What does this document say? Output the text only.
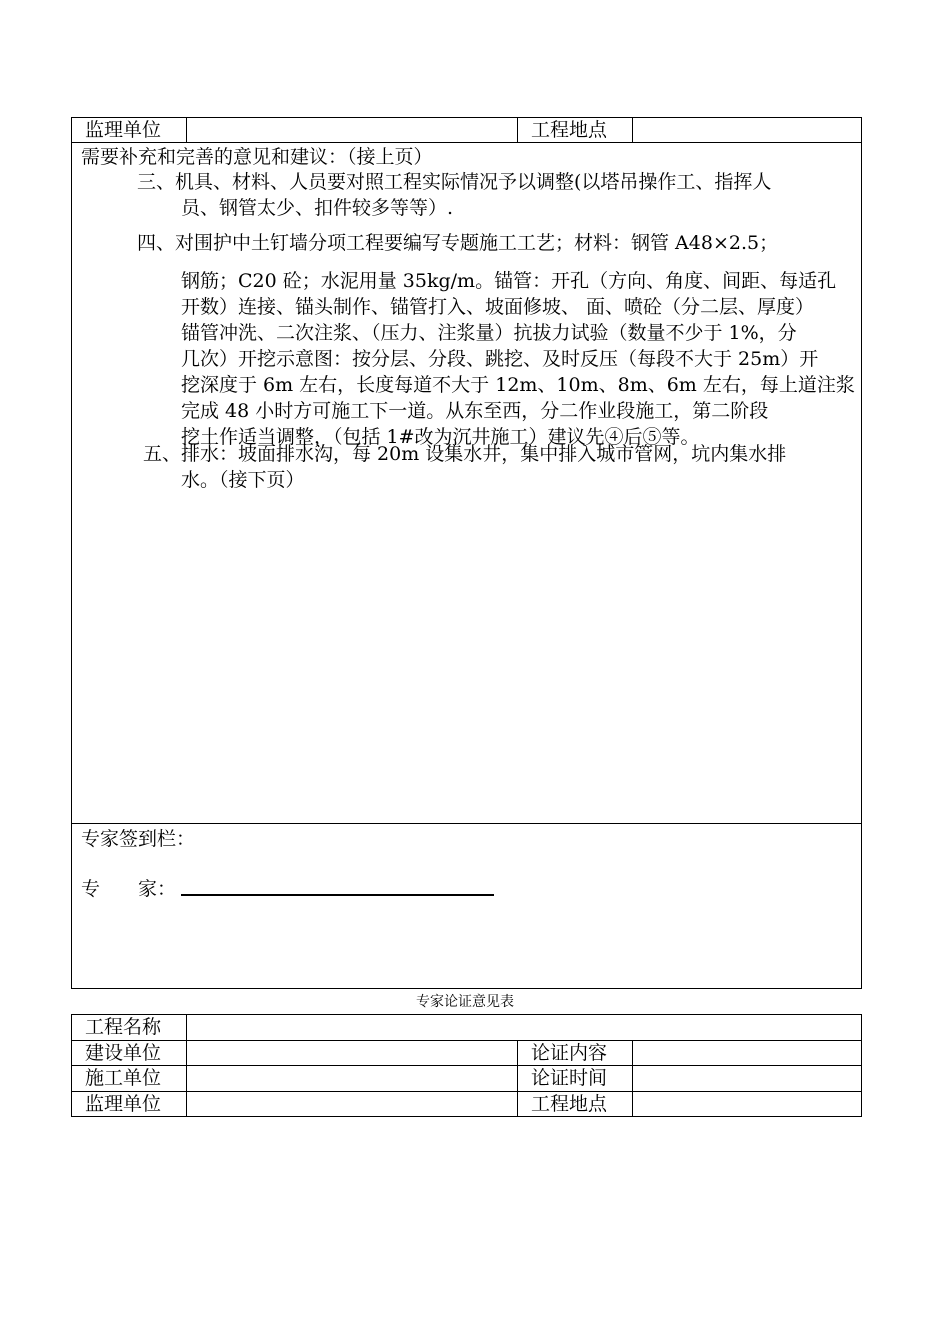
监理单位	工程地点
需要补充和完善的意见和建议：（接上页）
三、机具、材料、人员要对照工程实际情况予以调整(以塔吊操作工、指挥人
员、钢管太少、扣件较多等等）.
四、对围护中土钉墙分项工程要编写专题施工工艺；材料：钢管 A48×2.5；
钢筋；C20 砼；水泥用量 35kg/m。锚管：开孔（方向、角度、间距、每适孔
开数）连接、锚头制作、锚管打入、坡面修坡、 面、喷砼（分二层、厚度）
锚管冲洗、二次注浆、（压力、注浆量）抗拔力试验（数量不少于 1%，分
几次）开挖示意图：按分层、分段、跳挖、及时反压（每段不大于 25m）开
挖深度于 6m 左右，长度每道不大于 12m、10m、8m、6m 左右，每上道注浆
完成 48 小时方可施工下一道。从东至西，分二作业段施工，第二阶段
挖土作适当调整，（包括 1#改为沉井施工）建议先④后⑤等。
五、排水：坡面排水沟，每 20m 设集水井，集中排入城市管网，坑内集水排
水。（接下页）
专家签到栏：
专　　家：
专家论证意见表
工程名称
建设单位	论证内容
施工单位	论证时间
监理单位	工程地点
